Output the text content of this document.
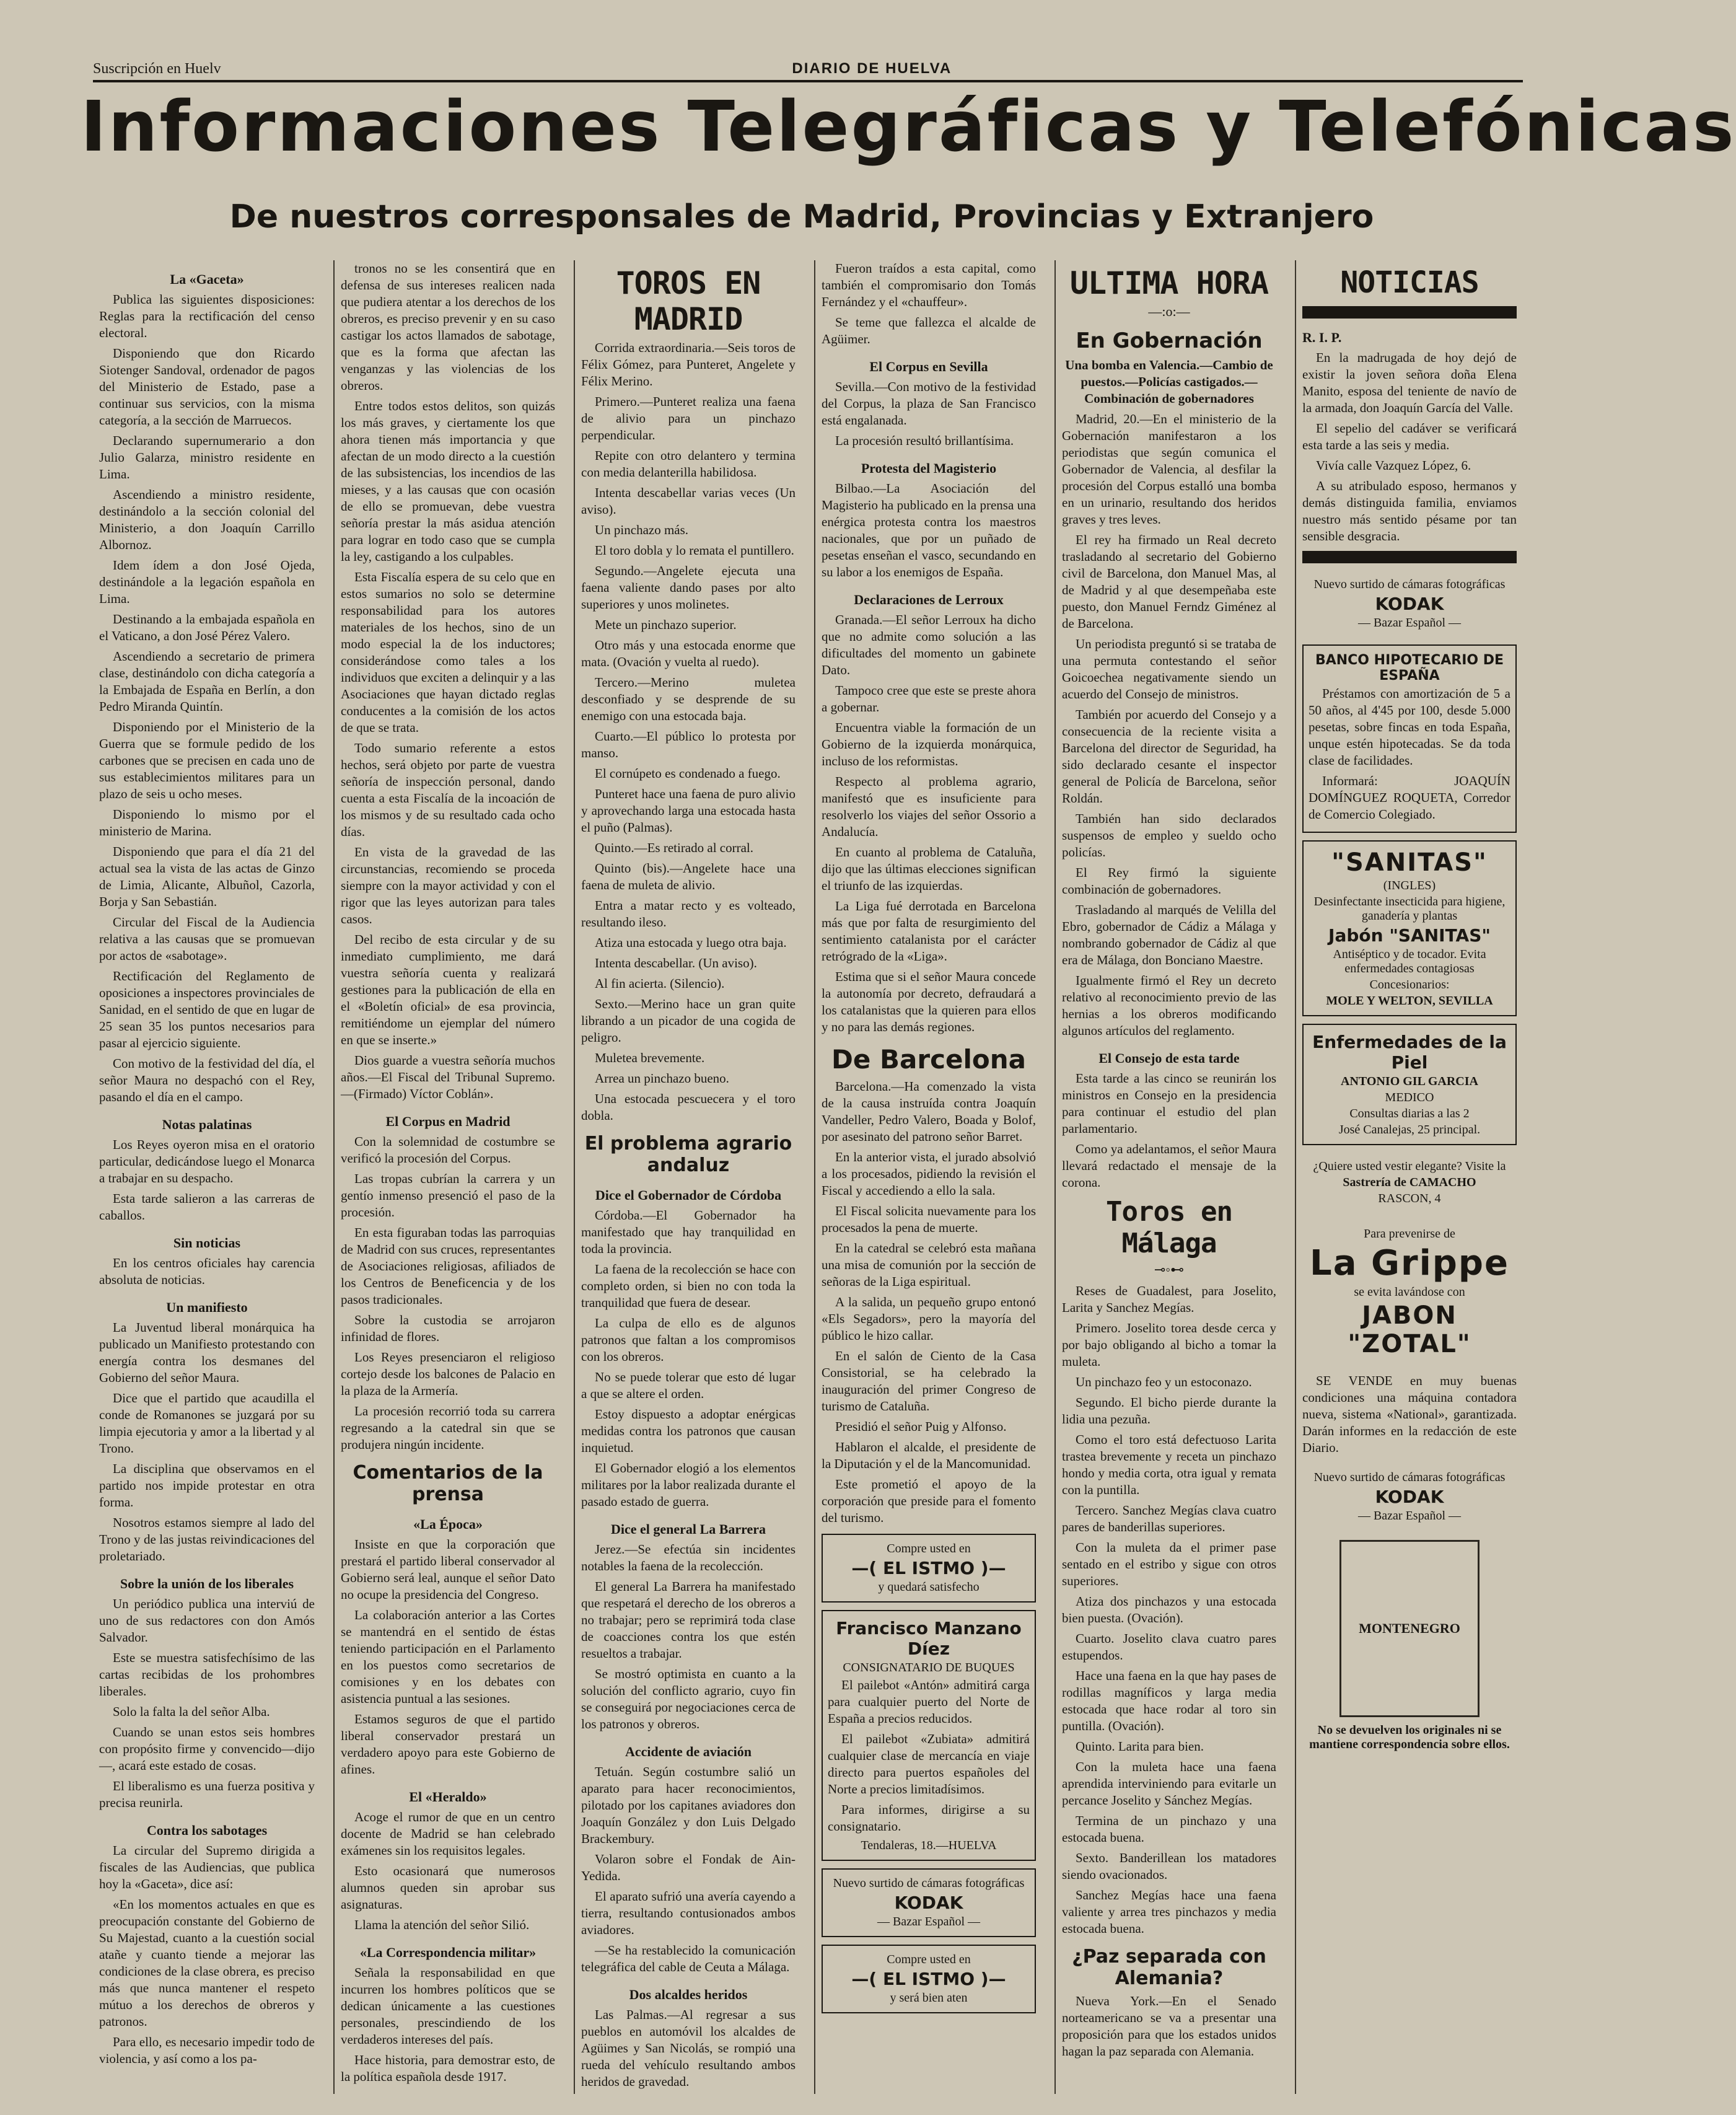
Suscripción en Huelv	DIARIO DE HUELVA
Informaciones Telegráficas y Telefónicas
De nuestros corresponsales de Madrid, Provincias y Extranjero
La «Gaceta»

Publica las siguientes disposiciones: Reglas para la rectificación del censo electoral.

Disponiendo que don Ricardo Siotenger Sandoval, ordenador de pagos del Ministerio de Estado, pase a continuar sus servicios, con la misma categoría, a la sección de Marruecos.

Declarando supernumerario a don Julio Galarza, ministro residente en Lima.

Ascendiendo a ministro residente, destinándolo a la sección colonial del Ministerio, a don Joaquín Carrillo Albornoz.

Idem ídem a don José Ojeda, destinándole a la legación española en Lima.

Destinando a la embajada española en el Vaticano, a don José Pérez Valero.

Ascendiendo a secretario de primera clase, destinándolo con dicha categoría a la Embajada de España en Berlín, a don Pedro Miranda Quintín.

Disponiendo por el Ministerio de la Guerra que se formule pedido de los carbones que se precisen en cada uno de sus establecimientos militares para un plazo de seis u ocho meses.

Disponiendo lo mismo por el ministerio de Marina.

Disponiendo que para el día 21 del actual sea la vista de las actas de Ginzo de Limia, Alicante, Albuñol, Cazorla, Borja y San Sebastián.

Circular del Fiscal de la Audiencia relativa a las causas que se promuevan por actos de «sabotage».

Rectificación del Reglamento de oposiciones a inspectores provinciales de Sanidad, en el sentido de que en lugar de 25 sean 35 los puntos necesarios para pasar al ejercicio siguiente.

Con motivo de la festividad del día, el señor Maura no despachó con el Rey, pasando el día en el campo.

Notas palatinas

Los Reyes oyeron misa en el oratorio particular, dedicándose luego el Monarca a trabajar en su despacho.

Esta tarde salieron a las carreras de caballos.

Sin noticias

En los centros oficiales hay carencia absoluta de noticias.

Un manifiesto

La Juventud liberal monárquica ha publicado un Manifiesto protestando con energía contra los desmanes del Gobierno del señor Maura.

Dice que el partido que acaudilla el conde de Romanones se juzgará por su limpia ejecutoria y amor a la libertad y al Trono.

La disciplina que observamos en el partido nos impide protestar en otra forma.

Nosotros estamos siempre al lado del Trono y de las justas reivindicaciones del proletariado.

Sobre la unión de los liberales

Un periódico publica una interviú de uno de sus redactores con don Amós Salvador.

Este se muestra satisfechísimo de las cartas recibidas de los prohombres liberales.

Solo la falta la del señor Alba.

Cuando se unan estos seis hombres con propósito firme y convencido—dijo—, acará este estado de cosas.

El liberalismo es una fuerza positiva y precisa reunirla.

Contra los sabotages

La circular del Supremo dirigida a fiscales de las Audiencias, que publica hoy la «Gaceta», dice así:

«En los momentos actuales en que es preocupación constante del Gobierno de Su Majestad, cuanto a la cuestión social atañe y cuanto tiende a mejorar las condiciones de la clase obrera, es preciso más que nunca mantener el respeto mútuo a los derechos de obreros y patronos.

Para ello, es necesario impedir todo de violencia, y así como a los pa-

tronos no se les consentirá que en defensa de sus intereses realicen nada que pudiera atentar a los derechos de los obreros, es preciso prevenir y en su caso castigar los actos llamados de sabotage, que es la forma que afectan las venganzas y las violencias de los obreros.

Entre todos estos delitos, son quizás los más graves, y ciertamente los que ahora tienen más importancia y que afectan de un modo directo a la cuestión de las subsistencias, los incendios de las mieses, y a las causas que con ocasión de ello se promuevan, debe vuestra señoría prestar la más asidua atención para lograr en todo caso que se cumpla la ley, castigando a los culpables.

Esta Fiscalía espera de su celo que en estos sumarios no solo se determine responsabilidad para los autores materiales de los hechos, sino de un modo especial la de los inductores; considerándose como tales a los individuos que exciten a delinquir y a las Asociaciones que hayan dictado reglas conducentes a la comisión de los actos de que se trata.

Todo sumario referente a estos hechos, será objeto por parte de vuestra señoría de inspección personal, dando cuenta a esta Fiscalía de la incoación de los mismos y de su resultado cada ocho días.

En vista de la gravedad de las circunstancias, recomiendo se proceda siempre con la mayor actividad y con el rigor que las leyes autorizan para tales casos.

Del recibo de esta circular y de su inmediato cumplimiento, me dará vuestra señoría cuenta y realizará gestiones para la publicación de ella en el «Boletín oficial» de esa provincia, remitiéndome un ejemplar del número en que se inserte.»

Dios guarde a vuestra señoría muchos años.—El Fiscal del Tribunal Supremo.—(Firmado) Víctor Coblán».

El Corpus en Madrid

Con la solemnidad de costumbre se verificó la procesión del Corpus.

Las tropas cubrían la carrera y un gentío inmenso presenció el paso de la procesión.

En esta figuraban todas las parroquias de Madrid con sus cruces, representantes de Asociaciones religiosas, afiliados de los Centros de Beneficencia y de los pasos tradicionales.

Sobre la custodia se arrojaron infinidad de flores.

Los Reyes presenciaron el religioso cortejo desde los balcones de Palacio en la plaza de la Armería.

La procesión recorrió toda su carrera regresando a la catedral sin que se produjera ningún incidente.

Comentarios de la prensa
«La Época»

Insiste en que la corporación que prestará el partido liberal conservador al Gobierno será leal, aunque el señor Dato no ocupe la presidencia del Congreso.

La colaboración anterior a las Cortes se mantendrá en el sentido de éstas teniendo participación en el Parlamento en los puestos como secretarios de comisiones y en los debates con asistencia puntual a las sesiones.

Estamos seguros de que el partido liberal conservador prestará un verdadero apoyo para este Gobierno de afines.

El «Heraldo»

Acoge el rumor de que en un centro docente de Madrid se han celebrado exámenes sin los requisitos legales.

Esto ocasionará que numerosos alumnos queden sin aprobar sus asignaturas.

Llama la atención del señor Silió.

«La Correspondencia militar»

Señala la responsabilidad en que incurren los hombres políticos que se dedican únicamente a las cuestiones personales, prescindiendo de los verdaderos intereses del país.

Hace historia, para demostrar esto, de la política española desde 1917.

TOROS EN MADRID

Corrida extraordinaria.—Seis toros de Félix Gómez, para Punteret, Angelete y Félix Merino.

Primero.—Punteret realiza una faena de alivio para un pinchazo perpendicular.

Repite con otro delantero y termina con media delanterilla habilidosa.

Intenta descabellar varias veces (Un aviso).

Un pinchazo más.

El toro dobla y lo remata el puntillero.

Segundo.—Angelete ejecuta una faena valiente dando pases por alto superiores y unos molinetes.

Mete un pinchazo superior.

Otro más y una estocada enorme que mata. (Ovación y vuelta al ruedo).

Tercero.—Merino muletea desconfiado y se desprende de su enemigo con una estocada baja.

Cuarto.—El público lo protesta por manso.

El cornúpeto es condenado a fuego.

Punteret hace una faena de puro alivio y aprovechando larga una estocada hasta el puño (Palmas).

Quinto.—Es retirado al corral.

Quinto (bis).—Angelete hace una faena de muleta de alivio.

Entra a matar recto y es volteado, resultando ileso.

Atiza una estocada y luego otra baja.

Intenta descabellar. (Un aviso).

Al fin acierta. (Silencio).

Sexto.—Merino hace un gran quite librando a un picador de una cogida de peligro.

Muletea brevemente.

Arrea un pinchazo bueno.

Una estocada pescuecera y el toro dobla.

El problema agrario andaluz
Dice el Gobernador de Córdoba

Córdoba.—El Gobernador ha manifestado que hay tranquilidad en toda la provincia.

La faena de la recolección se hace con completo orden, si bien no con toda la tranquilidad que fuera de desear.

La culpa de ello es de algunos patronos que faltan a los compromisos con los obreros.

No se puede tolerar que esto dé lugar a que se altere el orden.

Estoy dispuesto a adoptar enérgicas medidas contra los patronos que causan inquietud.

El Gobernador elogió a los elementos militares por la labor realizada durante el pasado estado de guerra.

Dice el general La Barrera

Jerez.—Se efectúa sin incidentes notables la faena de la recolección.

El general La Barrera ha manifestado que respetará el derecho de los obreros a no trabajar; pero se reprimirá toda clase de coacciones contra los que estén resueltos a trabajar.

Se mostró optimista en cuanto a la solución del conflicto agrario, cuyo fin se conseguirá por negociaciones cerca de los patronos y obreros.

Accidente de aviación

Tetuán. Según costumbre salió un aparato para hacer reconocimientos, pilotado por los capitanes aviadores don Joaquín González y don Luis Delgado Brackembury.

Volaron sobre el Fondak de Ain-Yedida.

El aparato sufrió una avería cayendo a tierra, resultando contusionados ambos aviadores.

—Se ha restablecido la comunicación telegráfica del cable de Ceuta a Málaga.

Dos alcaldes heridos

Las Palmas.—Al regresar a sus pueblos en automóvil los alcaldes de Agüimes y San Nicolás, se rompió una rueda del vehículo resultando ambos heridos de gravedad.

Fueron traídos a esta capital, como también el compromisario don Tomás Fernández y el «chauffeur».

Se teme que fallezca el alcalde de Agüimer.

El Corpus en Sevilla

Sevilla.—Con motivo de la festividad del Corpus, la plaza de San Francisco está engalanada.

La procesión resultó brillantísima.

Protesta del Magisterio

Bilbao.—La Asociación del Magisterio ha publicado en la prensa una enérgica protesta contra los maestros nacionales, que por un puñado de pesetas enseñan el vasco, secundando en su labor a los enemigos de España.

Declaraciones de Lerroux

Granada.—El señor Lerroux ha dicho que no admite como solución a las dificultades del momento un gabinete Dato.

Tampoco cree que este se preste ahora a gobernar.

Encuentra viable la formación de un Gobierno de la izquierda monárquica, incluso de los reformistas.

Respecto al problema agrario, manifestó que es insuficiente para resolverlo los viajes del señor Ossorio a Andalucía.

En cuanto al problema de Cataluña, dijo que las últimas elecciones significan el triunfo de las izquierdas.

La Liga fué derrotada en Barcelona más que por falta de resurgimiento del sentimiento catalanista por el carácter retrógrado de la «Liga».

Estima que si el señor Maura concede la autonomía por decreto, defraudará a los catalanistas que la quieren para ellos y no para las demás regiones.

De Barcelona

Barcelona.—Ha comenzado la vista de la causa instruída contra Joaquín Vandeller, Pedro Valero, Boada y Bolof, por asesinato del patrono señor Barret.

En la anterior vista, el jurado absolvió a los procesados, pidiendo la revisión el Fiscal y accediendo a ello la sala.

El Fiscal solicita nuevamente para los procesados la pena de muerte.

En la catedral se celebró esta mañana una misa de comunión por la sección de señoras de la Liga espiritual.

A la salida, un pequeño grupo entonó «Els Segadors», pero la mayoría del público le hizo callar.

En el salón de Ciento de la Casa Consistorial, se ha celebrado la inauguración del primer Congreso de turismo de Cataluña.

Presidió el señor Puig y Alfonso.

Hablaron el alcalde, el presidente de la Diputación y el de la Mancomunidad.

Este prometió el apoyo de la corporación que preside para el fomento del turismo.

Compre usted en
—( EL ISTMO )—
y quedará satisfecho
Francisco Manzano Díez
CONSIGNATARIO DE BUQUES

El pailebot «Antón» admitirá carga para cualquier puerto del Norte de España a precios reducidos.

El pailebot «Zubiata» admitirá cualquier clase de mercancía en viaje directo para puertos españoles del Norte a precios limitadísimos.

Para informes, dirigirse a su consignatario.

Tendaleras, 18.—HUELVA
Nuevo surtido de cámaras fotográficas
KODAK
— Bazar Español —
Compre usted en
—( EL ISTMO )—
y será bien aten
ULTIMA HORA
—:o:—
En Gobernación

Una bomba en Valencia.—Cambio de puestos.—Policías castigados.—Combinación de gobernadores

Madrid, 20.—En el ministerio de la Gobernación manifestaron a los periodistas que según comunica el Gobernador de Valencia, al desfilar la procesión del Corpus estalló una bomba en un urinario, resultando dos heridos graves y tres leves.

El rey ha firmado un Real decreto trasladando al secretario del Gobierno civil de Barcelona, don Manuel Mas, al de Madrid y al que desempeñaba este puesto, don Manuel Ferndz Giménez al de Barcelona.

Un periodista preguntó si se trataba de una permuta contestando el señor Goicoechea negativamente siendo un acuerdo del Consejo de ministros.

También por acuerdo del Consejo y a consecuencia de la reciente visita a Barcelona del director de Seguridad, ha sido declarado cesante el inspector general de Policía de Barcelona, señor Roldán.

También han sido declarados suspensos de empleo y sueldo ocho policías.

El Rey firmó la siguiente combinación de gobernadores.

Trasladando al marqués de Velilla del Ebro, gobernador de Cádiz a Málaga y nombrando gobernador de Cádiz al que era de Málaga, don Bonciano Maestre.

Igualmente firmó el Rey un decreto relativo al reconocimiento previo de las hernias a los obreros modificando algunos artículos del reglamento.

El Consejo de esta tarde

Esta tarde a las cinco se reunirán los ministros en Consejo en la presidencia para continuar el estudio del plan parlamentario.

Como ya adelantamos, el señor Maura llevará redactado el mensaje de la corona.

Toros en Málaga
⊸◦⊷

Reses de Guadalest, para Joselito, Larita y Sanchez Megías.

Primero. Joselito torea desde cerca y por bajo obligando al bicho a tomar la muleta.

Un pinchazo feo y un estoconazo.

Segundo. El bicho pierde durante la lidia una pezuña.

Como el toro está defectuoso Larita trastea brevemente y receta un pinchazo hondo y media corta, otra igual y remata con la puntilla.

Tercero. Sanchez Megías clava cuatro pares de banderillas superiores.

Con la muleta da el primer pase sentado en el estribo y sigue con otros superiores.

Atiza dos pinchazos y una estocada bien puesta. (Ovación).

Cuarto. Joselito clava cuatro pares estupendos.

Hace una faena en la que hay pases de rodillas magníficos y larga media estocada que hace rodar al toro sin puntilla. (Ovación).

Quinto. Larita para bien.

Con la muleta hace una faena aprendida interviniendo para evitarle un percance Joselito y Sánchez Megías.

Termina de un pinchazo y una estocada buena.

Sexto. Banderillean los matadores siendo ovacionados.

Sanchez Megías hace una faena valiente y arrea tres pinchazos y media estocada buena.

¿Paz separada con Alemania?

Nueva York.—En el Senado norteamericano se va a presentar una proposición para que los estados unidos hagan la paz separada con Alemania.

NOTICIAS
R. I. P.

En la madrugada de hoy dejó de existir la joven señora doña Elena Manito, esposa del teniente de navío de la armada, don Joaquín García del Valle.

El sepelio del cadáver se verificará esta tarde a las seis y media.

Vivía calle Vazquez López, 6.

A su atribulado esposo, hermanos y demás distinguida familia, enviamos nuestro más sentido pésame por tan sensible desgracia.

Nuevo surtido de cámaras fotográficas
KODAK
— Bazar Español —
BANCO HIPOTECARIO DE ESPAÑA

Préstamos con amortización de 5 a 50 años, al 4'45 por 100, desde 5.000 pesetas, sobre fincas en toda España, unque estén hipotecadas. Se da toda clase de facilidades.

Informará: JOAQUÍN DOMÍNGUEZ ROQUETA, Corredor de Comercio Colegiado.

"SANITAS"
(INGLES)
Desinfectante insecticida para higiene, ganadería y plantas
Jabón "SANITAS"
Antiséptico y de tocador. Evita enfermedades contagiosas
Concesionarios:
MOLE Y WELTON, SEVILLA
Enfermedades de la Piel
ANTONIO GIL GARCIA
MEDICO
Consultas diarias a las 2
José Canalejas, 25 principal.
¿Quiere usted vestir elegante? Visite la
Sastrería de CAMACHO
RASCON, 4
Para prevenirse de
La Grippe
se evita lavándose con
JABON "ZOTAL"

SE VENDE en muy buenas condiciones una máquina contadora nueva, sistema «National», garantizada. Darán informes en la redacción de este Diario.

Nuevo surtido de cámaras fotográficas
KODAK
— Bazar Español —
MONTENEGRO
No se devuelven los originales ni se mantiene correspondencia sobre ellos.
